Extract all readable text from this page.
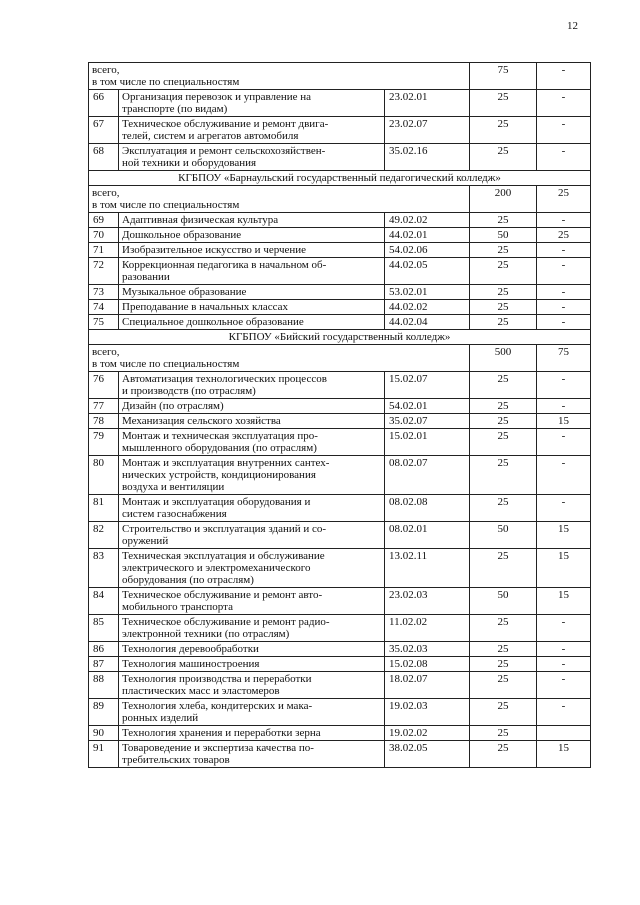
12
всего,
в том числе по специальностям			75	-
66	Организация перевозок и управление на
транспорте (по видам)	23.02.01	25	-
67	Техническое обслуживание и ремонт двига-
телей, систем и агрегатов автомобиля	23.02.07	25	-
68	Эксплуатация и ремонт сельскохозяйствен-
ной техники и оборудования	35.02.16	25	-
КГБПОУ «Барнаульский государственный педагогический колледж»				

всего,
в том числе по специальностям			200	25
69	Адаптивная физическая культура	49.02.02	25	-
70	Дошкольное образование	44.02.01	50	25
71	Изобразительное искусство и черчение	54.02.06	25	-
72	Коррекционная педагогика в начальном об-
разовании	44.02.05	25	-
73	Музыкальное образование	53.02.01	25	-
74	Преподавание в начальных классах	44.02.02	25	-
75	Специальное дошкольное образование	44.02.04	25	-
КГБПОУ «Бийский государственный колледж»				

всего,
в том числе по специальностям			500	75
76	Автоматизация технологических процессов
и производств (по отраслям)	15.02.07	25	-
77	Дизайн (по отраслям)	54.02.01	25	-
78	Механизация сельского хозяйства	35.02.07	25	15
79	Монтаж и техническая эксплуатация про-
мышленного оборудования (по отраслям)	15.02.01	25	-
80	Монтаж и эксплуатация внутренних сантех-
нических устройств, кондиционирования
воздуха и вентиляции	08.02.07	25	-
81	Монтаж и эксплуатация оборудования и
систем газоснабжения	08.02.08	25	-
82	Строительство и эксплуатация зданий и со-
оружений	08.02.01	50	15
83	Техническая эксплуатация и обслуживание
электрического и электромеханического
оборудования (по отраслям)	13.02.11	25	15
84	Техническое обслуживание и ремонт авто-
мобильного транспорта	23.02.03	50	15
85	Техническое обслуживание и ремонт радио-
электронной техники (по отраслям)	11.02.02	25	-
86	Технология деревообработки	35.02.03	25	-
87	Технология машиностроения	15.02.08	25	-
88	Технология производства и переработки
пластических масс и эластомеров	18.02.07	25	-
89	Технология хлеба, кондитерских и мака-
ронных изделий	19.02.03	25	-
90	Технология хранения и переработки зерна	19.02.02	25	
91	Товароведение и экспертиза качества по-
требительских товаров	38.02.05	25	15
